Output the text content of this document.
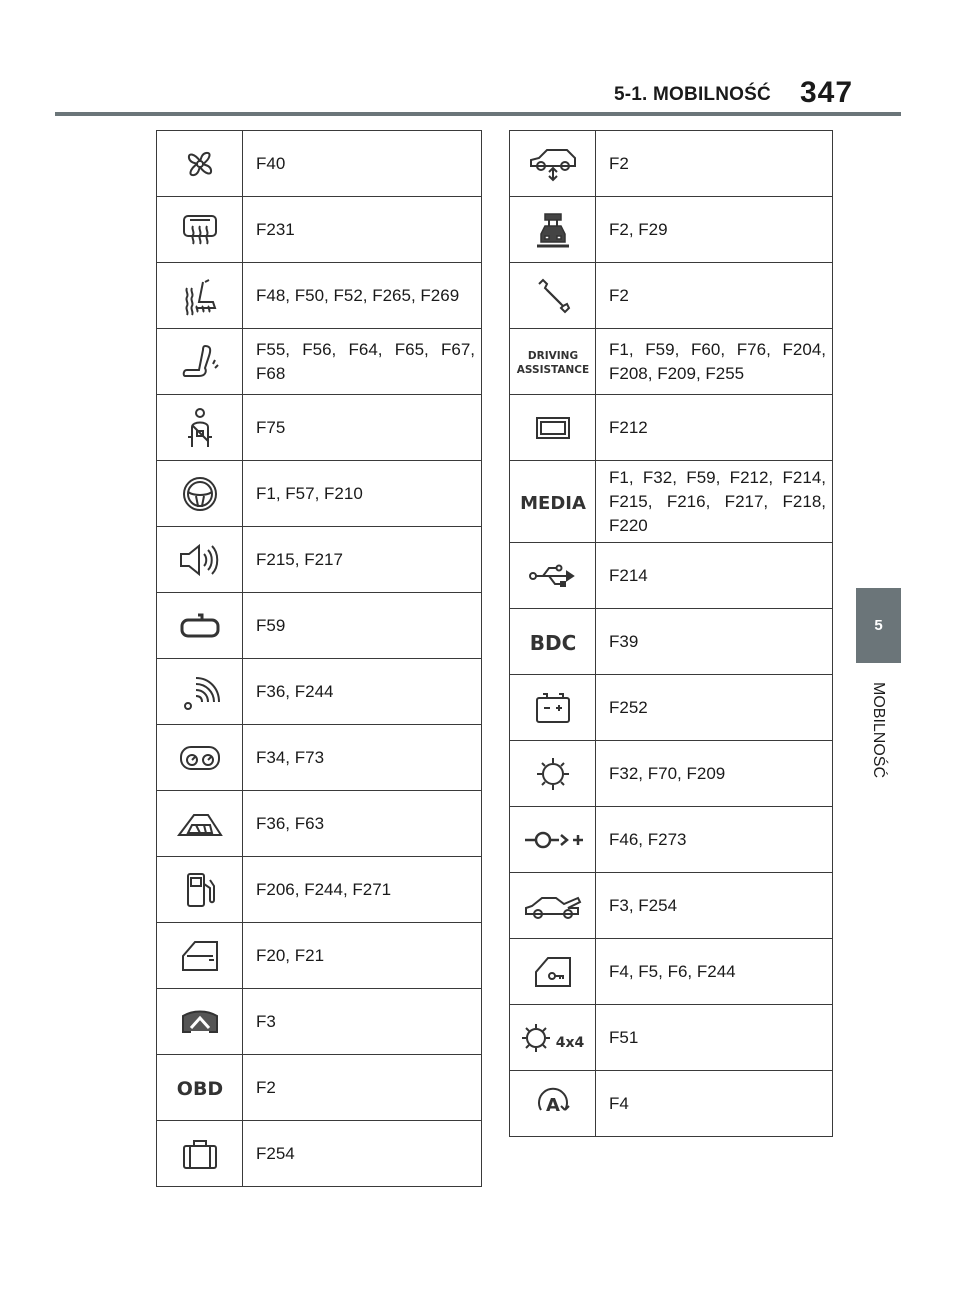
5-1. MOBILNOŚĆ 347
5
MOBILNOŚĆ
	F40
	F231
	F48, F50, F52, F265, F269
	F55, F56, F64, F65, F67, F68
	F75
	F1, F57, F210
	F215, F217
	F59
	F36, F244
	F34, F73
	F36, F63
	F206, F244, F271
	F20, F21
	F3

OBD	F2
	F254
	F2
	F2, F29
	F2

DRIVING
ASSISTANCE	F1, F59, F60, F76, F204, F208, F209, F255
	F212

MEDIA	F1, F32, F59, F212, F214, F215, F216, F217, F218, F220
	F214

BDC	F39
	F252
	F32, F70, F209
	F46, F273
	F3, F254
	F4, F5, F6, F244

4x4	F51

A	F4
